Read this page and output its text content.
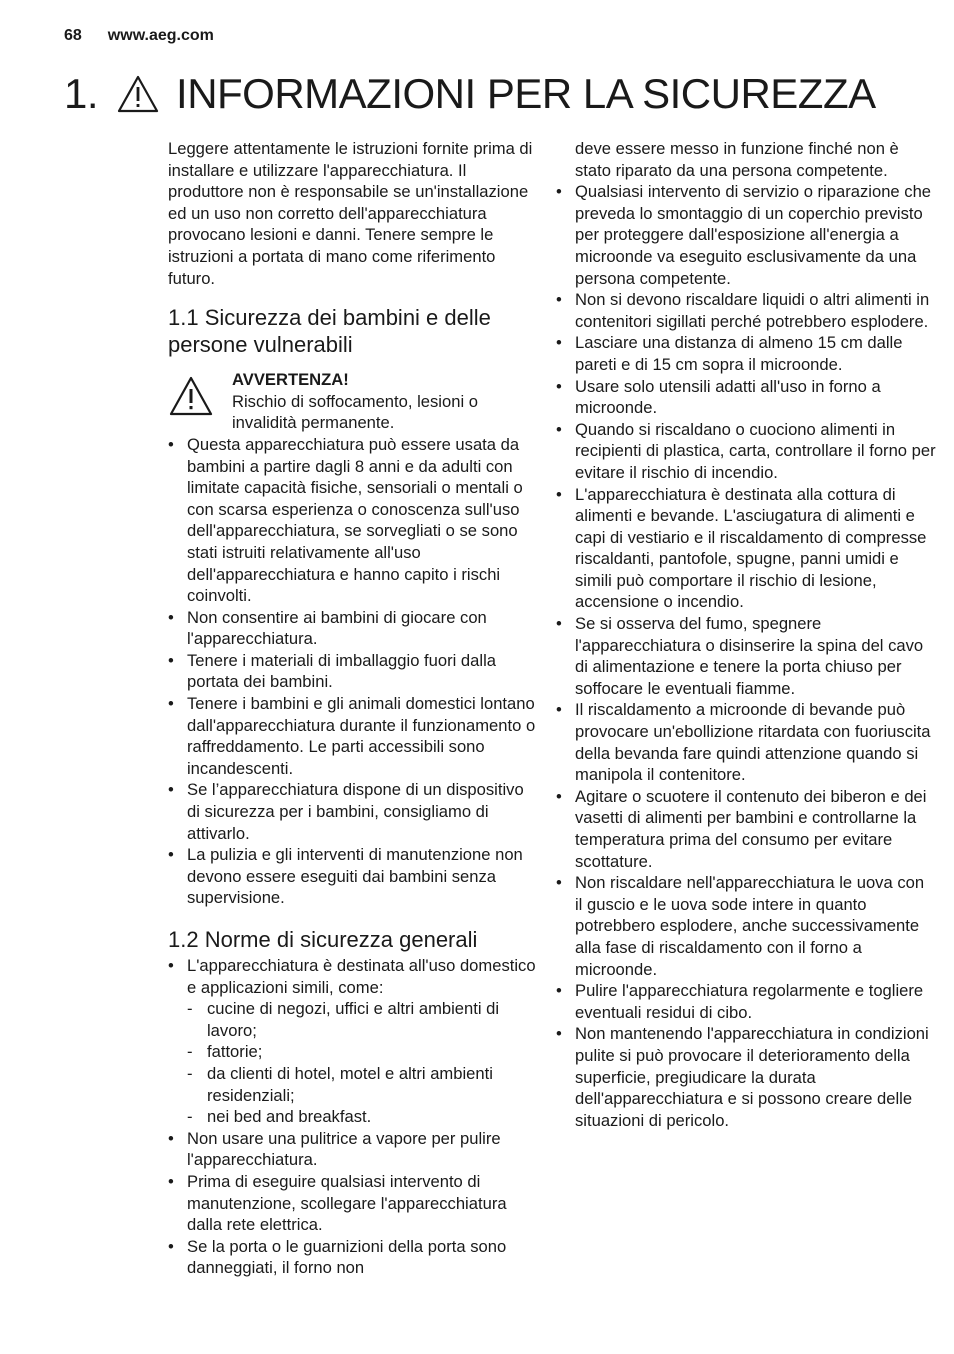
68 www.aeg.com
1. INFORMAZIONI PER LA SICUREZZA

Leggere attentamente le istruzioni fornite prima di installare e utilizzare l'apparecchiatura. Il produttore non è responsabile se un'installazione ed un uso non corretto dell'apparecchiatura provocano lesioni e danni. Tenere sempre le istruzioni a portata di mano come riferimento futuro.

1.1 Sicurezza dei bambini e delle persone vulnerabili
AVVERTENZA!
Rischio di soffocamento, lesioni o invalidità permanente.
• Questa apparecchiatura può essere usata da bambini a partire dagli 8 anni e da adulti con limitate capacità fisiche, sensoriali o mentali o con scarsa esperienza o conoscenza sull'uso dell'apparecchiatura, se sorvegliati o se sono stati istruiti relativamente all'uso dell'apparecchiatura e hanno capito i rischi coinvolti.
• Non consentire ai bambini di giocare con l'apparecchiatura.
• Tenere i materiali di imballaggio fuori dalla portata dei bambini.
• Tenere i bambini e gli animali domestici lontano dall'apparecchiatura durante il funzionamento o raffreddamento. Le parti accessibili sono incandescenti.
• Se l’apparecchiatura dispone di un dispositivo di sicurezza per i bambini, consigliamo di attivarlo.
• La pulizia e gli interventi di manutenzione non devono essere eseguiti dai bambini senza supervisione.
1.2 Norme di sicurezza generali
• L'apparecchiatura è destinata all'uso domestico e applicazioni simili, come:
- cucine di negozi, uffici e altri ambienti di lavoro;
- fattorie;
- da clienti di hotel, motel e altri ambienti residenziali;
- nei bed and breakfast.
• Non usare una pulitrice a vapore per pulire l'apparecchiatura.
• Prima di eseguire qualsiasi intervento di manutenzione, scollegare l'apparecchiatura dalla rete elettrica.
• Se la porta o le guarnizioni della porta sono danneggiati, il forno non

deve essere messo in funzione finché non è stato riparato da una persona competente.

• Qualsiasi intervento di servizio o riparazione che preveda lo smontaggio di un coperchio previsto per proteggere dall'esposizione all'energia a microonde va eseguito esclusivamente da una persona competente.
• Non si devono riscaldare liquidi o altri alimenti in contenitori sigillati perché potrebbero esplodere.
• Lasciare una distanza di almeno 15 cm dalle pareti e di 15 cm sopra il microonde.
• Usare solo utensili adatti all'uso in forno a microonde.
• Quando si riscaldano o cuociono alimenti in recipienti di plastica, carta, controllare il forno per evitare il rischio di incendio.
• L'apparecchiatura è destinata alla cottura di alimenti e bevande. L'asciugatura di alimenti e capi di vestiario e il riscaldamento di compresse riscaldanti, pantofole, spugne, panni umidi e simili può comportare il rischio di lesione, accensione o incendio.
• Se si osserva del fumo, spegnere l'apparecchiatura o disinserire la spina del cavo di alimentazione e tenere la porta chiuso per soffocare le eventuali fiamme.
• Il riscaldamento a microonde di bevande può provocare un'ebollizione ritardata con fuoriuscita della bevanda fare quindi attenzione quando si manipola il contenitore.
• Agitare o scuotere il contenuto dei biberon e dei vasetti di alimenti per bambini e controllarne la temperatura prima del consumo per evitare scottature.
• Non riscaldare nell'apparecchiatura le uova con il guscio e le uova sode intere in quanto potrebbero esplodere, anche successivamente alla fase di riscaldamento con il forno a microonde.
• Pulire l'apparecchiatura regolarmente e togliere eventuali residui di cibo.
• Non mantenendo l'apparecchiatura in condizioni pulite si può provocare il deterioramento della superficie, pregiudicare la durata dell'apparecchiatura e si possono creare delle situazioni di pericolo.
